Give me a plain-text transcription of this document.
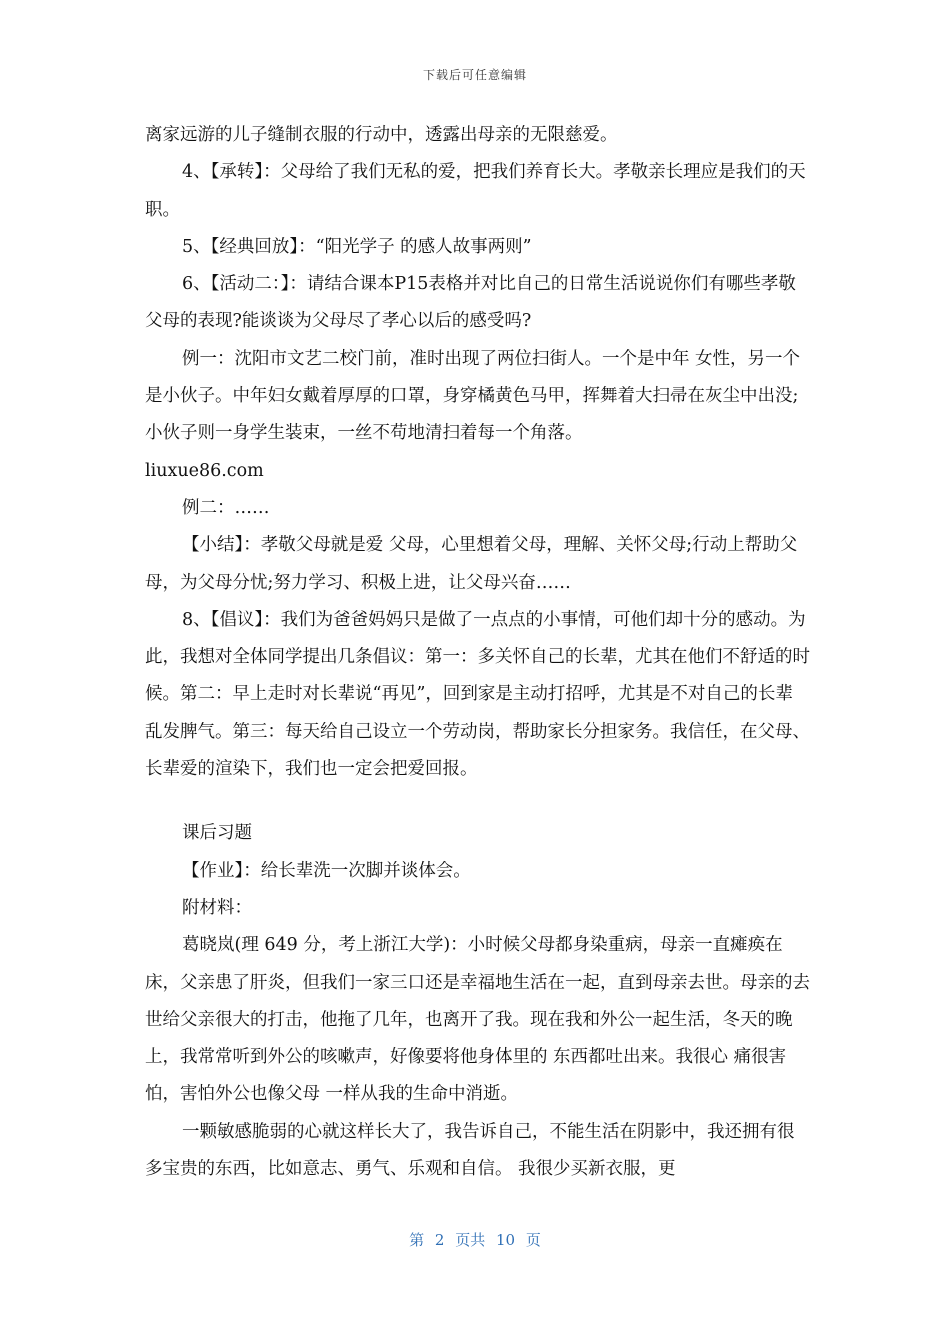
下载后可任意编辑

离家远游的儿子缝制衣服的行动中，透露出母亲的无限慈爱。

4、【承转】：父母给了我们无私的爱，把我们养育长大。孝敬亲长理应是我们的天职。

5、【经典回放】：“阳光学子 的感人故事两则”

6、【活动二：】：请结合课本P15表格并对比自己的日常生活说说你们有哪些孝敬父母的表现?能谈谈为父母尽了孝心以后的感受吗?

例一：沈阳市文艺二校门前，准时出现了两位扫街人。一个是中年 女性，另一个是小伙子。中年妇女戴着厚厚的口罩，身穿橘黄色马甲，挥舞着大扫帚在灰尘中出没;小伙子则一身学生装束，一丝不苟地清扫着每一个角落。

liuxue86.com

例二：……

【小结】：孝敬父母就是爱 父母，心里想着父母，理解、关怀父母;行动上帮助父母，为父母分忧;努力学习、积极上进，让父母兴奋……

8、【倡议】：我们为爸爸妈妈只是做了一点点的小事情，可他们却十分的感动。为此，我想对全体同学提出几条倡议：第一：多关怀自己的长辈，尤其在他们不舒适的时候。第二：早上走时对长辈说“再见”，回到家是主动打招呼，尤其是不对自己的长辈乱发脾气。第三：每天给自己设立一个劳动岗，帮助家长分担家务。我信任，在父母、长辈爱的渲染下，我们也一定会把爱回报。

课后习题

【作业】：给长辈洗一次脚并谈体会。

附材料：

葛晓岚(理 649 分，考上浙江大学)：小时候父母都身染重病，母亲一直瘫痪在床，父亲患了肝炎，但我们一家三口还是幸福地生活在一起，直到母亲去世。母亲的去世给父亲很大的打击，他拖了几年，也离开了我。现在我和外公一起生活，冬天的晚上，我常常听到外公的咳嗽声，好像要将他身体里的 东西都吐出来。我很心 痛很害怕，害怕外公也像父母 一样从我的生命中消逝。

一颗敏感脆弱的心就这样长大了，我告诉自己，不能生活在阴影中，我还拥有很 多宝贵的东西，比如意志、勇气、乐观和自信。 我很少买新衣服，更

第 2 页共 10 页
